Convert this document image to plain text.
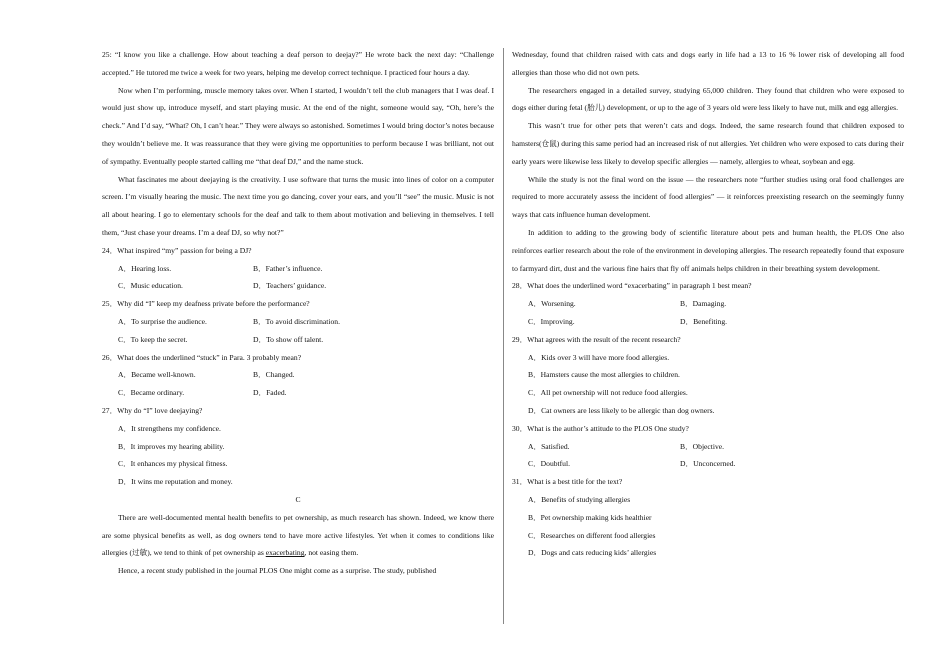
25: “I know you like a challenge. How about teaching a deaf person to deejay?” He wrote back the next day: “Challenge accepted.” He tutored me twice a week for two years, helping me develop correct technique. I practiced four hours a day.

Now when I’m performing, muscle memory takes over. When I started, I wouldn’t tell the club managers that I was deaf. I would just show up, introduce myself, and start playing music. At the end of the night, someone would say, “Oh, here’s the check.” And I’d say, “What? Oh, I can’t hear.” They were always so astonished. Sometimes I would bring doctor’s notes because they wouldn’t believe me. It was reassurance that they were giving me opportunities to perform because I was brilliant, not out of sympathy. Eventually people started calling me “that deaf DJ,” and the name stuck.

What fascinates me about deejaying is the creativity. I use software that turns the music into lines of color on a computer screen. I’m visually hearing the music. The next time you go dancing, cover your ears, and you’ll “see” the music. Music is not all about hearing. I go to elementary schools for the deaf and talk to them about motivation and believing in themselves. I tell them, “Just chase your dreams. I’m a deaf DJ, so why not?”

24．What inspired “my” passion for being a DJ?
A．Hearing loss.	B．Father’s influence.
C．Music education.	D．Teachers’ guidance.
25．Why did “I” keep my deafness private before the performance?
A．To surprise the audience.	B．To avoid discrimination.
C．To keep the secret.	D．To show off talent.
26．What does the underlined “stuck” in Para. 3 probably mean?
A．Became well-known.	B．Changed.
C．Became ordinary.	D．Faded.
27．Why do “I” love deejaying?
A．It strengthens my confidence.
B．It improves my hearing ability.
C．It enhances my physical fitness.
D．It wins me reputation and money.
C

There are well-documented mental health benefits to pet ownership, as much research has shown. Indeed, we know there are some physical benefits as well, as dog owners tend to have more active lifestyles. Yet when it comes to conditions like allergies (过敏), we tend to think of pet ownership as exacerbating, not easing them.

Hence, a recent study published in the journal PLOS One might come as a surprise. The study, published

Wednesday, found that children raised with cats and dogs early in life had a 13 to 16 % lower risk of developing all food allergies than those who did not own pets.

The researchers engaged in a detailed survey, studying 65,000 children. They found that children who were exposed to dogs either during fetal (胎儿) development, or up to the age of 3 years old were less likely to have nut, milk and egg allergies.

This wasn’t true for other pets that weren’t cats and dogs. Indeed, the same research found that children exposed to hamsters(仓鼠) during this same period had an increased risk of nut allergies. Yet children who were exposed to cats during their early years were likewise less likely to develop specific allergies — namely, allergies to wheat, soybean and egg.

While the study is not the final word on the issue — the researchers note “further studies using oral food challenges are required to more accurately assess the incident of food allergies” — it reinforces preexisting research on the seemingly funny ways that cats influence human development.

In addition to adding to the growing body of scientific literature about pets and human health, the PLOS One also reinforces earlier research about the role of the environment in developing allergies. The research repeatedly found that exposure to farmyard dirt, dust and the various fine hairs that fly off animals helps children in their breathing system development.

28．What does the underlined word “exacerbating” in paragraph 1 best mean?
A．Worsening.	B．Damaging.
C．Improving.	D．Benefiting.
29．What agrees with the result of the recent research?
A．Kids over 3 will have more food allergies.
B．Hamsters cause the most allergies to children.
C．All pet ownership will not reduce food allergies.
D．Cat owners are less likely to be allergic than dog owners.
30．What is the author’s attitude to the PLOS One study?
A．Satisfied.	B．Objective.
C．Doubtful.	D．Unconcerned.
31．What is a best title for the text?
A．Benefits of studying allergies
B．Pet ownership making kids healthier
C．Researches on different food allergies
D．Dogs and cats reducing kids’ allergies
